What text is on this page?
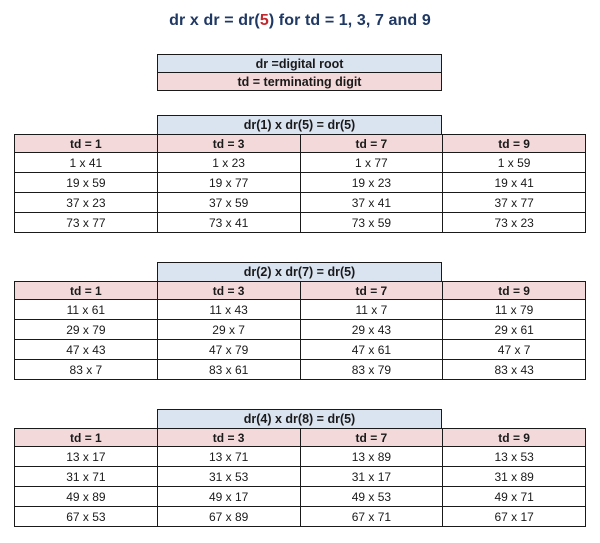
dr x dr = dr(5) for td = 1, 3, 7 and 9
dr =digital root
td = terminating digit
dr(1) x dr(5) = dr(5)
td = 1	td = 3	td = 7	td = 9
1 x 41	1 x 23	1 x 77	1 x 59
19 x 59	19 x 77	19 x 23	19 x 41
37 x 23	37 x 59	37 x 41	37 x 77
73 x 77	73 x 41	73 x 59	73 x 23
dr(2) x dr(7) = dr(5)
td = 1	td = 3	td = 7	td = 9
11 x 61	11 x 43	11 x 7	11 x 79
29 x 79	29 x 7	29 x 43	29 x 61
47 x 43	47 x 79	47 x 61	47 x 7
83 x 7	83 x 61	83 x 79	83 x 43
dr(4) x dr(8) = dr(5)
td = 1	td = 3	td = 7	td = 9
13 x 17	13 x 71	13 x 89	13 x 53
31 x 71	31 x 53	31 x 17	31 x 89
49 x 89	49 x 17	49 x 53	49 x 71
67 x 53	67 x 89	67 x 71	67 x 17
